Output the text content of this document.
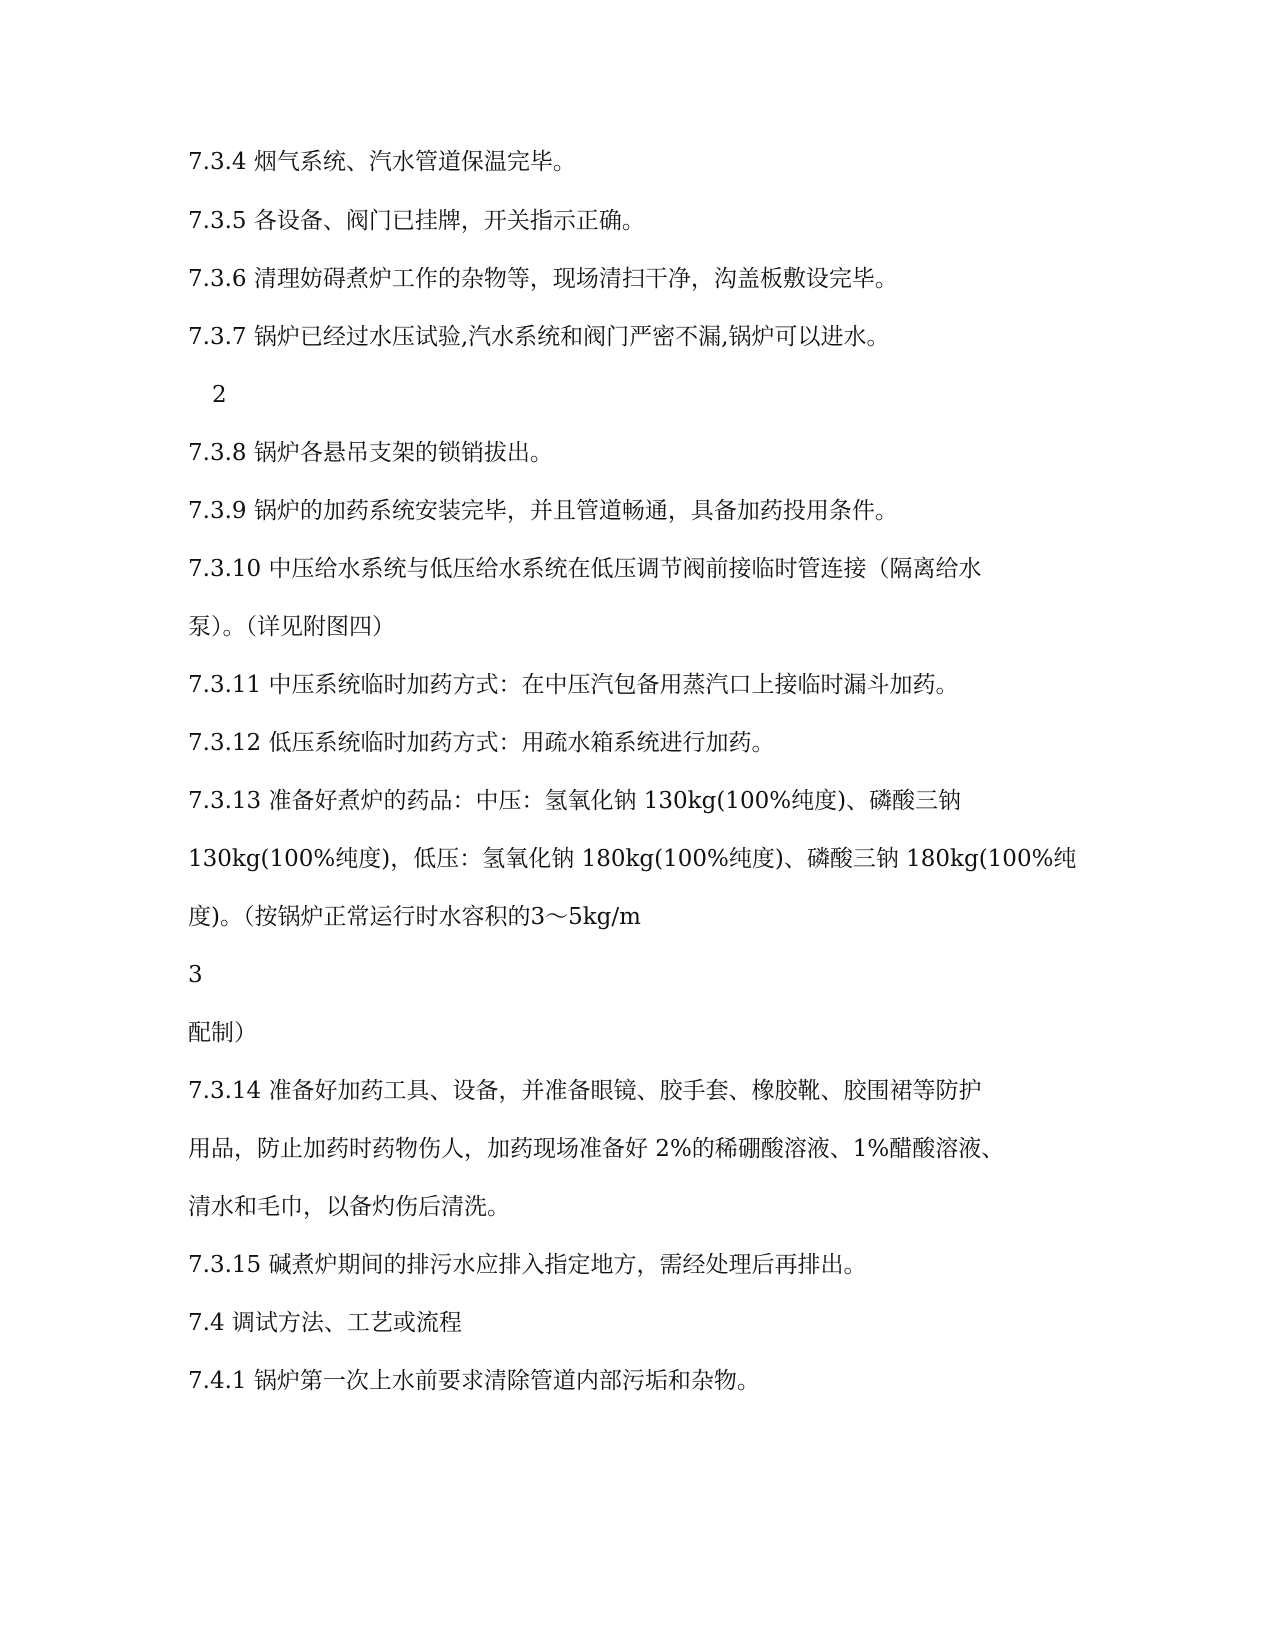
7.3.4 烟气系统、汽水管道保温完毕。
7.3.5 各设备、阀门已挂牌，开关指示正确。
7.3.6 清理妨碍煮炉工作的杂物等，现场清扫干净，沟盖板敷设完毕。
7.3.7 锅炉已经过水压试验,汽水系统和阀门严密不漏,锅炉可以进水。
2
7.3.8 锅炉各悬吊支架的锁销拔出。
7.3.9 锅炉的加药系统安装完毕，并且管道畅通，具备加药投用条件。
7.3.10 中压给水系统与低压给水系统在低压调节阀前接临时管连接（隔离给水
泵）。（详见附图四）
7.3.11 中压系统临时加药方式：在中压汽包备用蒸汽口上接临时漏斗加药。
7.3.12 低压系统临时加药方式：用疏水箱系统进行加药。
7.3.13 准备好煮炉的药品：中压：氢氧化钠 130kg(100%纯度)、磷酸三钠
130kg(100%纯度)，低压：氢氧化钠 180kg(100%纯度)、磷酸三钠 180kg(100%纯
度)。（按锅炉正常运行时水容积的3～5kg/m
3
配制）
7.3.14 准备好加药工具、设备，并准备眼镜、胶手套、橡胶靴、胶围裙等防护
用品，防止加药时药物伤人，加药现场准备好 2%的稀硼酸溶液、1%醋酸溶液、
清水和毛巾，以备灼伤后清洗。
7.3.15 碱煮炉期间的排污水应排入指定地方，需经处理后再排出。
7.4 调试方法、工艺或流程
7.4.1 锅炉第一次上水前要求清除管道内部污垢和杂物。
